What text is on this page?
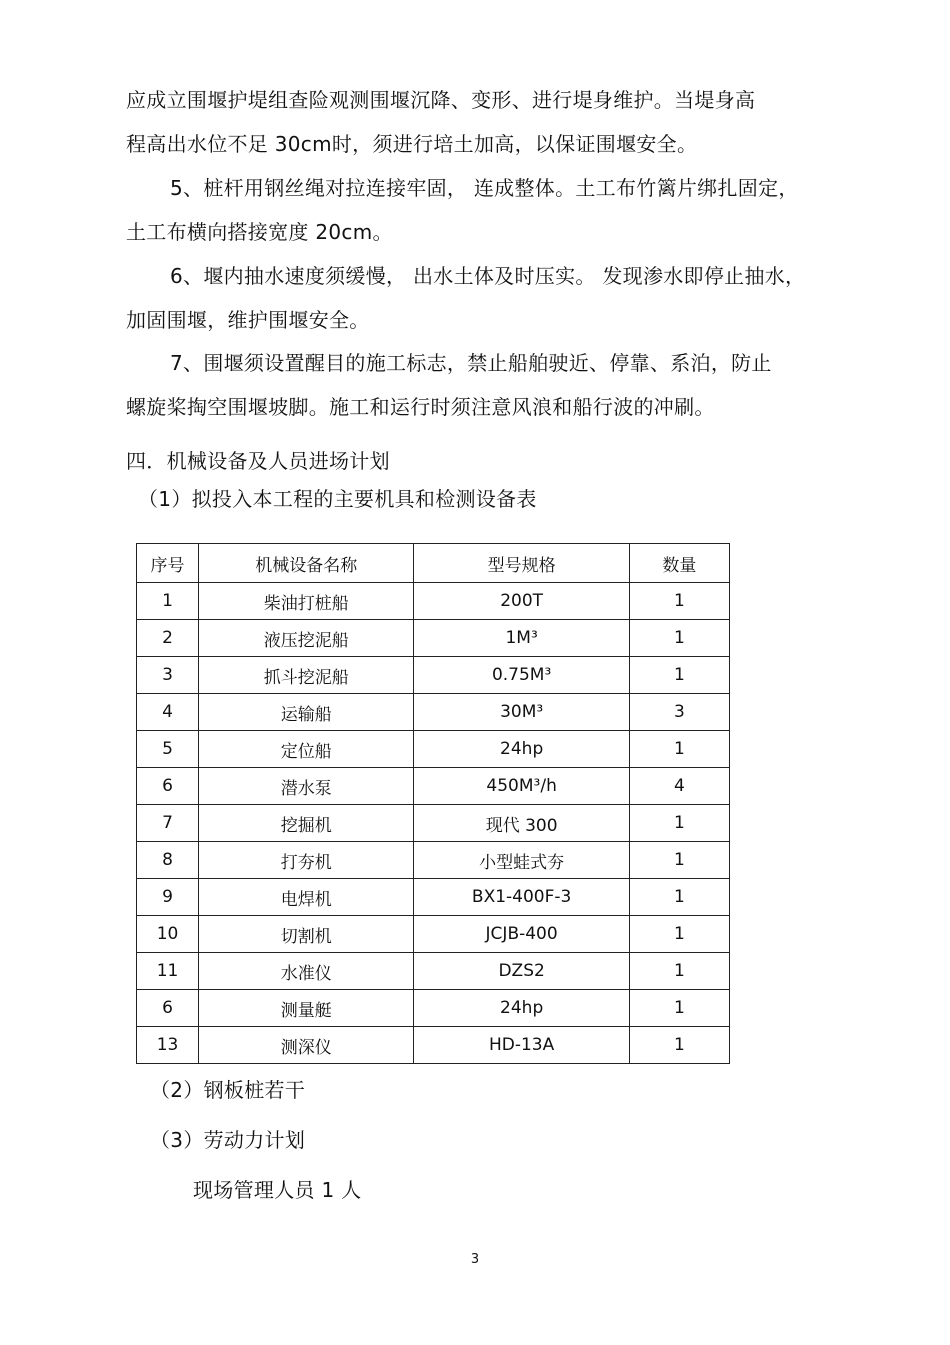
应成立围堰护堤组查险观测围堰沉降、变形、进行堤身维护。当堤身高
程高出水位不足 30cm时，须进行培土加高，以保证围堰安全。
5、桩杆用钢丝绳对拉连接牢固， 连成整体。土工布竹篱片绑扎固定，
土工布横向搭接宽度 20cm。
6、堰内抽水速度须缓慢， 出水土体及时压实。 发现渗水即停止抽水，
加固围堰，维护围堰安全。
7、围堰须设置醒目的施工标志，禁止船舶驶近、停靠、系泊，防止
螺旋桨掏空围堰坡脚。施工和运行时须注意风浪和船行波的冲刷。
四．机械设备及人员进场计划
（1）拟投入本工程的主要机具和检测设备表
序号	机械设备名称	型号规格	数量
1	柴油打桩船	200T	1
2	液压挖泥船	1M³	1
3	抓斗挖泥船	0.75M³	1
4	运输船	30M³	3
5	定位船	24hp	1
6	潜水泵	450M³/h	4
7	挖掘机	现代 300	1
8	打夯机	小型蛙式夯	1
9	电焊机	BX1-400F-3	1
10	切割机	JCJB-400	1
11	水准仪	DZS2	1
6	测量艇	24hp	1
13	测深仪	HD-13A	1
（2）钢板桩若干
（3）劳动力计划
现场管理人员 1 人
3
